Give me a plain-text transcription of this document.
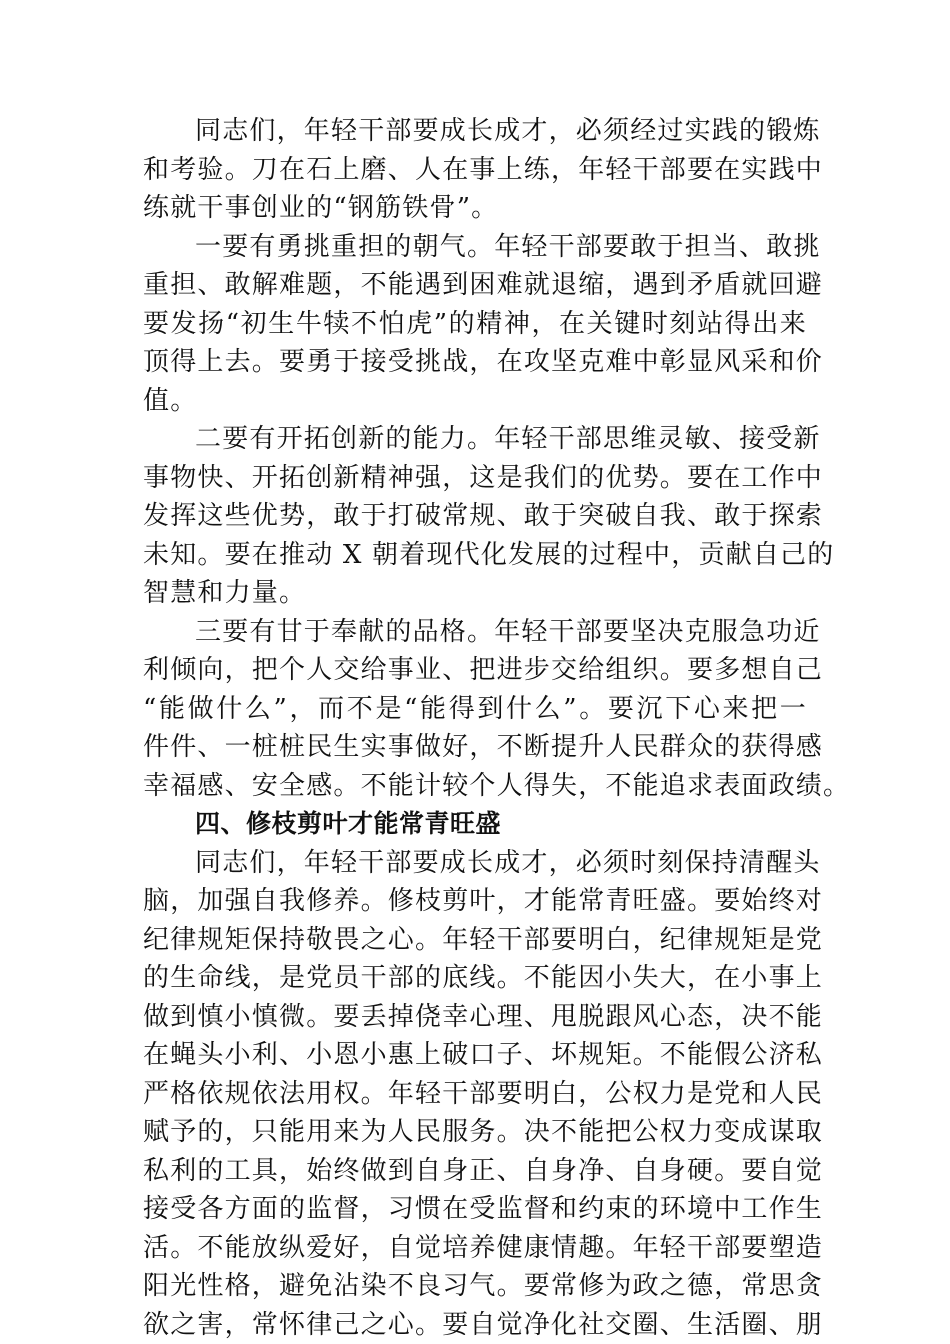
同志们，年轻干部要成长成才，必须经过实践的锻炼
和考验。刀在石上磨、人在事上练，年轻干部要在实践中
练就干事创业的“钢筋铁骨”。
一要有勇挑重担的朝气。年轻干部要敢于担当、敢挑
重担、敢解难题，不能遇到困难就退缩，遇到矛盾就回避
要发扬“初生牛犊不怕虎”的精神，在关键时刻站得出来
顶得上去。要勇于接受挑战，在攻坚克难中彰显风采和价
值。
二要有开拓创新的能力。年轻干部思维灵敏、接受新
事物快、开拓创新精神强，这是我们的优势。要在工作中
发挥这些优势，敢于打破常规、敢于突破自我、敢于探索
未知。要在推动 X 朝着现代化发展的过程中，贡献自己的
智慧和力量。
三要有甘于奉献的品格。年轻干部要坚决克服急功近
利倾向，把个人交给事业、把进步交给组织。要多想自己
“能做什么”，而不是“能得到什么”。要沉下心来把一
件件、一桩桩民生实事做好，不断提升人民群众的获得感
幸福感、安全感。不能计较个人得失，不能追求表面政绩。
四、修枝剪叶才能常青旺盛
同志们，年轻干部要成长成才，必须时刻保持清醒头
脑，加强自我修养。修枝剪叶，才能常青旺盛。要始终对
纪律规矩保持敬畏之心。年轻干部要明白，纪律规矩是党
的生命线，是党员干部的底线。不能因小失大，在小事上
做到慎小慎微。要丢掉侥幸心理、甩脱跟风心态，决不能
在蝇头小利、小恩小惠上破口子、坏规矩。不能假公济私
严格依规依法用权。年轻干部要明白，公权力是党和人民
赋予的，只能用来为人民服务。决不能把公权力变成谋取
私利的工具，始终做到自身正、自身净、自身硬。要自觉
接受各方面的监督，习惯在受监督和约束的环境中工作生
活。不能放纵爱好，自觉培养健康情趣。年轻干部要塑造
阳光性格，避免沾染不良习气。要常修为政之德，常思贪
欲之害，常怀律己之心。要自觉净化社交圈、生活圈、朋
